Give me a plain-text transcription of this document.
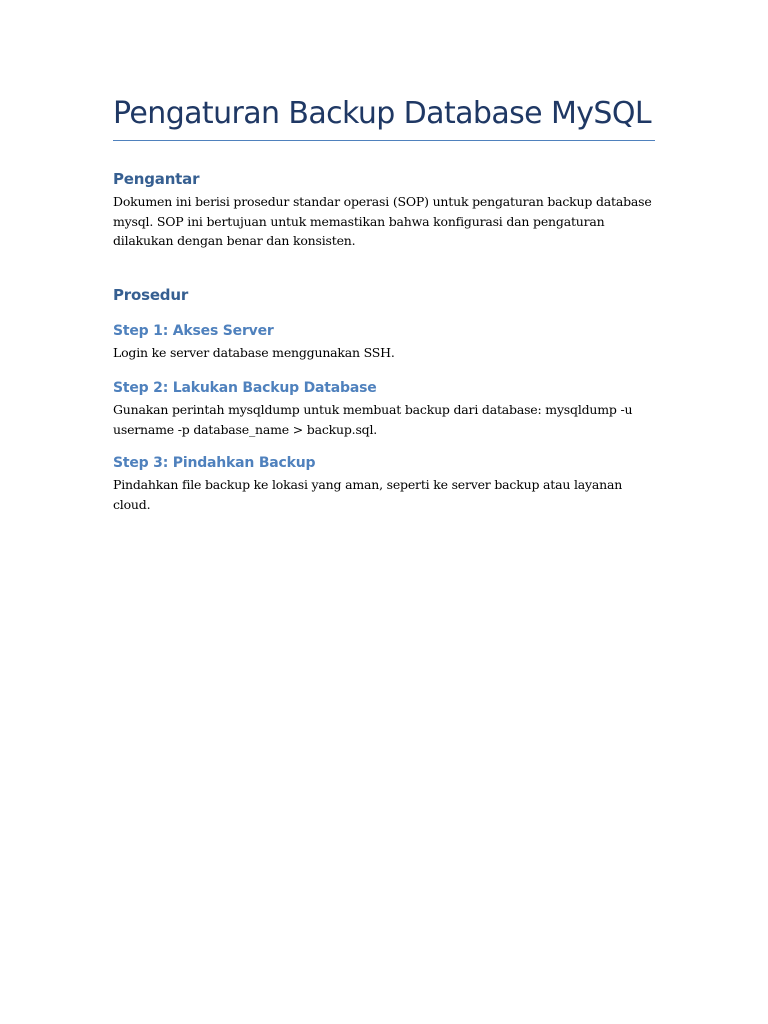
Pengaturan Backup Database MySQL
Pengantar

Dokumen ini berisi prosedur standar operasi (SOP) untuk pengaturan backup database mysql. SOP ini bertujuan untuk memastikan bahwa konfigurasi dan pengaturan dilakukan dengan benar dan konsisten.

Prosedur
Step 1: Akses Server

Login ke server database menggunakan SSH.

Step 2: Lakukan Backup Database

Gunakan perintah mysqldump untuk membuat backup dari database: mysqldump -u username -p database_name > backup.sql.

Step 3: Pindahkan Backup

Pindahkan file backup ke lokasi yang aman, seperti ke server backup atau layanan cloud.
